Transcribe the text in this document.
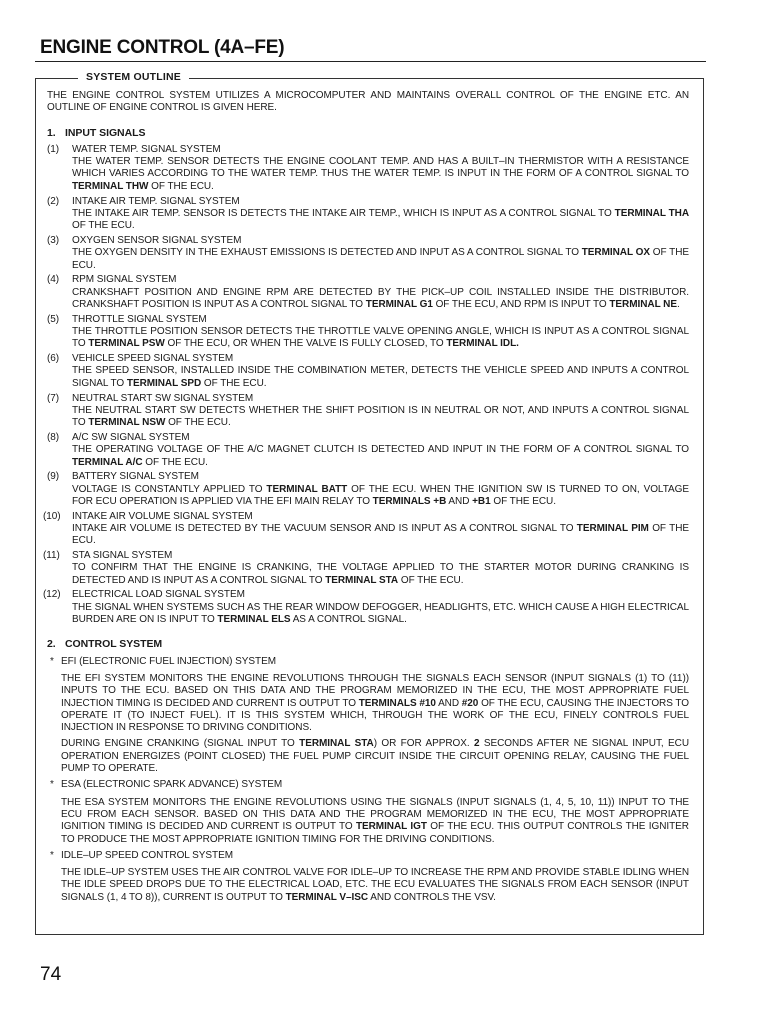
ENGINE CONTROL (4A–FE)
SYSTEM OUTLINE

THE ENGINE CONTROL SYSTEM UTILIZES A MICROCOMPUTER AND MAINTAINS OVERALL CONTROL OF THE ENGINE ETC. AN OUTLINE OF ENGINE CONTROL IS GIVEN HERE.

1. INPUT SIGNALS
(1)	WATER TEMP. SIGNAL SYSTEM
THE WATER TEMP. SENSOR DETECTS THE ENGINE COOLANT TEMP. AND HAS A BUILT–IN THERMISTOR WITH A RESISTANCE WHICH VARIES ACCORDING TO THE WATER TEMP. THUS THE WATER TEMP. IS INPUT IN THE FORM OF A CONTROL SIGNAL TO TERMINAL THW OF THE ECU.
(2)	INTAKE AIR TEMP. SIGNAL SYSTEM
THE INTAKE AIR TEMP. SENSOR IS DETECTS THE INTAKE AIR TEMP., WHICH IS INPUT AS A CONTROL SIGNAL TO TERMINAL THA OF THE ECU.
(3)	OXYGEN SENSOR SIGNAL SYSTEM
THE OXYGEN DENSITY IN THE EXHAUST EMISSIONS IS DETECTED AND INPUT AS A CONTROL SIGNAL TO TERMINAL OX OF THE ECU.
(4)	RPM SIGNAL SYSTEM
CRANKSHAFT POSITION AND ENGINE RPM ARE DETECTED BY THE PICK–UP COIL INSTALLED INSIDE THE DISTRIBUTOR. CRANKSHAFT POSITION IS INPUT AS A CONTROL SIGNAL TO TERMINAL G1 OF THE ECU, AND RPM IS INPUT TO TERMINAL NE.
(5)	THROTTLE SIGNAL SYSTEM
THE THROTTLE POSITION SENSOR DETECTS THE THROTTLE VALVE OPENING ANGLE, WHICH IS INPUT AS A CONTROL SIGNAL TO TERMINAL PSW OF THE ECU, OR WHEN THE VALVE IS FULLY CLOSED, TO TERMINAL IDL.
(6)	VEHICLE SPEED SIGNAL SYSTEM
THE SPEED SENSOR, INSTALLED INSIDE THE COMBINATION METER, DETECTS THE VEHICLE SPEED AND INPUTS A CONTROL SIGNAL TO TERMINAL SPD OF THE ECU.
(7)	NEUTRAL START SW SIGNAL SYSTEM
THE NEUTRAL START SW DETECTS WHETHER THE SHIFT POSITION IS IN NEUTRAL OR NOT, AND INPUTS A CONTROL SIGNAL TO TERMINAL NSW OF THE ECU.
(8)	A/C SW SIGNAL SYSTEM
THE OPERATING VOLTAGE OF THE A/C MAGNET CLUTCH IS DETECTED AND INPUT IN THE FORM OF A CONTROL SIGNAL TO TERMINAL A/C OF THE ECU.
(9)	BATTERY SIGNAL SYSTEM
VOLTAGE IS CONSTANTLY APPLIED TO TERMINAL BATT OF THE ECU. WHEN THE IGNITION SW IS TURNED TO ON, VOLTAGE FOR ECU OPERATION IS APPLIED VIA THE EFI MAIN RELAY TO TERMINALS +B AND +B1 OF THE ECU.
(10)	INTAKE AIR VOLUME SIGNAL SYSTEM
INTAKE AIR VOLUME IS DETECTED BY THE VACUUM SENSOR AND IS INPUT AS A CONTROL SIGNAL TO TERMINAL PIM OF THE ECU.
(11)	STA SIGNAL SYSTEM
TO CONFIRM THAT THE ENGINE IS CRANKING, THE VOLTAGE APPLIED TO THE STARTER MOTOR DURING CRANKING IS DETECTED AND IS INPUT AS A CONTROL SIGNAL TO TERMINAL STA OF THE ECU.
(12)	ELECTRICAL LOAD SIGNAL SYSTEM
THE SIGNAL WHEN SYSTEMS SUCH AS THE REAR WINDOW DEFOGGER, HEADLIGHTS, ETC. WHICH CAUSE A HIGH ELECTRICAL BURDEN ARE ON IS INPUT TO TERMINAL ELS AS A CONTROL SIGNAL.
2. CONTROL SYSTEM
* EFI (ELECTRONIC FUEL INJECTION) SYSTEM
THE EFI SYSTEM MONITORS THE ENGINE REVOLUTIONS THROUGH THE SIGNALS EACH SENSOR (INPUT SIGNALS (1) TO (11)) INPUTS TO THE ECU. BASED ON THIS DATA AND THE PROGRAM MEMORIZED IN THE ECU, THE MOST APPROPRIATE FUEL INJECTION TIMING IS DECIDED AND CURRENT IS OUTPUT TO TERMINALS #10 AND #20 OF THE ECU, CAUSING THE INJECTORS TO OPERATE IT (TO INJECT FUEL). IT IS THIS SYSTEM WHICH, THROUGH THE WORK OF THE ECU, FINELY CONTROLS FUEL INJECTION IN RESPONSE TO DRIVING CONDITIONS.
DURING ENGINE CRANKING (SIGNAL INPUT TO TERMINAL STA) OR FOR APPROX. 2 SECONDS AFTER NE SIGNAL INPUT, ECU OPERATION ENERGIZES (POINT CLOSED) THE FUEL PUMP CIRCUIT INSIDE THE CIRCUIT OPENING RELAY, CAUSING THE FUEL PUMP TO OPERATE.
* ESA (ELECTRONIC SPARK ADVANCE) SYSTEM
THE ESA SYSTEM MONITORS THE ENGINE REVOLUTIONS USING THE SIGNALS (INPUT SIGNALS (1, 4, 5, 10, 11)) INPUT TO THE ECU FROM EACH SENSOR. BASED ON THIS DATA AND THE PROGRAM MEMORIZED IN THE ECU, THE MOST APPROPRIATE IGNITION TIMING IS DECIDED AND CURRENT IS OUTPUT TO TERMINAL IGT OF THE ECU. THIS OUTPUT CONTROLS THE IGNITER TO PRODUCE THE MOST APPROPRIATE IGNITION TIMING FOR THE DRIVING CONDITIONS.
* IDLE–UP SPEED CONTROL SYSTEM
THE IDLE–UP SYSTEM USES THE AIR CONTROL VALVE FOR IDLE–UP TO INCREASE THE RPM AND PROVIDE STABLE IDLING WHEN THE IDLE SPEED DROPS DUE TO THE ELECTRICAL LOAD, ETC. THE ECU EVALUATES THE SIGNALS FROM EACH SENSOR (INPUT SIGNALS (1, 4 TO 8)), CURRENT IS OUTPUT TO TERMINAL V–ISC AND CONTROLS THE VSV.
74
